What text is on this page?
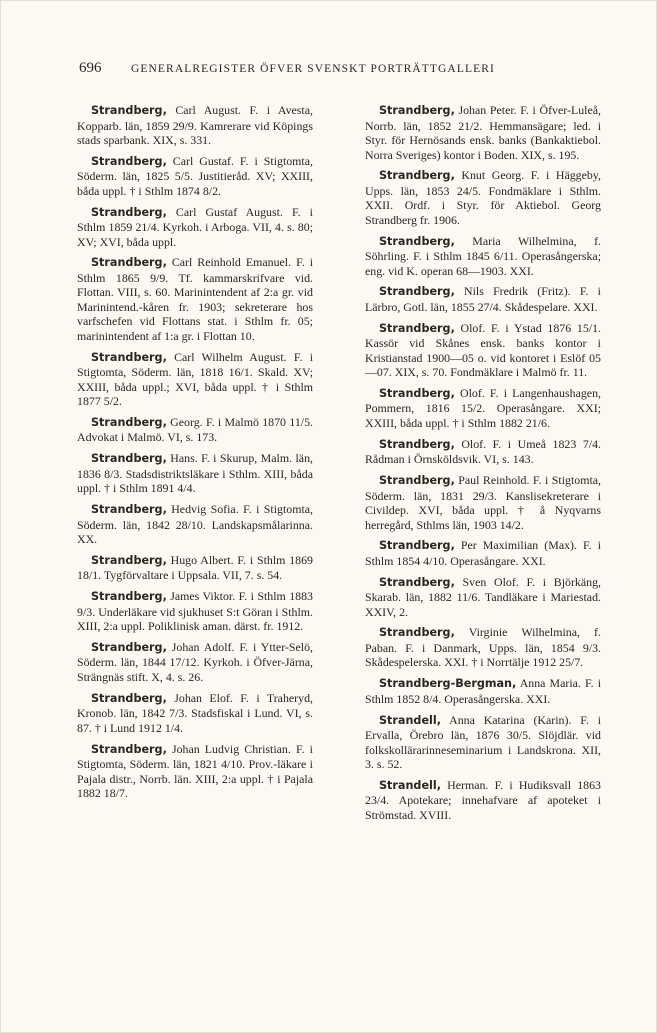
696	GENERALREGISTER ÖFVER SVENSKT PORTRÄTTGALLERI

Strandberg, Carl August. F. i Avesta, Kopparb. län, 1859 29/9. Kamrerare vid Köpings stads sparbank. XIX, s. 331.

Strandberg, Carl Gustaf. F. i Stigtomta, Söderm. län, 1825 5/5. Justitieråd. XV; XXIII, båda uppl. † i Sthlm 1874 8/2.

Strandberg, Carl Gustaf August. F. i Sthlm 1859 21/4. Kyrkoh. i Arboga. VII, 4. s. 80; XV; XVI, båda uppl.

Strandberg, Carl Reinhold Emanuel. F. i Sthlm 1865 9/9. Tf. kammarskrifvare vid. Flottan. VIII, s. 60. Marinintendent af 2:a gr. vid Marinintend.-kåren fr. 1903; sekreterare hos varfschefen vid Flottans stat. i Sthlm fr. 05; marinintendent af 1:a gr. i Flottan 10.

Strandberg, Carl Wilhelm August. F. i Stigtomta, Söderm. län, 1818 16/1. Skald. XV; XXIII, båda uppl.; XVI, båda uppl. † i Sthlm 1877 5/2.

Strandberg, Georg. F. i Malmö 1870 11/5. Advokat i Malmö. VI, s. 173.

Strandberg, Hans. F. i Skurup, Malm. län, 1836 8/3. Stadsdistriktsläkare i Sthlm. XIII, båda uppl. † i Sthlm 1891 4/4.

Strandberg, Hedvig Sofia. F. i Stigtomta, Söderm. län, 1842 28/10. Landskapsmålarinna. XX.

Strandberg, Hugo Albert. F. i Sthlm 1869 18/1. Tygförvaltare i Uppsala. VII, 7. s. 54.

Strandberg, James Viktor. F. i Sthlm 1883 9/3. Underläkare vid sjukhuset S:t Göran i Sthlm. XIII, 2:a uppl. Poliklinisk aman. därst. fr. 1912.

Strandberg, Johan Adolf. F. i Ytter-Selö, Söderm. län, 1844 17/12. Kyrkoh. i Öfver-Järna, Strängnäs stift. X, 4. s. 26.

Strandberg, Johan Elof. F. i Traheryd, Kronob. län, 1842 7/3. Stadsfiskal i Lund. VI, s. 87. † i Lund 1912 1/4.

Strandberg, Johan Ludvig Christian. F. i Stigtomta, Söderm. län, 1821 4/10. Prov.-läkare i Pajala distr., Norrb. län. XIII, 2:a uppl. † i Pajala 1882 18/7.

Strandberg, Johan Peter. F. i Öfver-Luleå, Norrb. län, 1852 21/2. Hemmansägare; led. i Styr. för Hernösands ensk. banks (Bankaktiebol. Norra Sveriges) kontor i Boden. XIX, s. 195.

Strandberg, Knut Georg. F. i Häggeby, Upps. län, 1853 24/5. Fondmäklare i Sthlm. XXII. Ordf. i Styr. för Aktiebol. Georg Strandberg fr. 1906.

Strandberg, Maria Wilhelmina, f. Söhrling. F. i Sthlm 1845 6/11. Operasångerska; eng. vid K. operan 68—1903. XXI.

Strandberg, Nils Fredrik (Fritz). F. i Lärbro, Gotl. län, 1855 27/4. Skådespelare. XXI.

Strandberg, Olof. F. i Ystad 1876 15/1. Kassör vid Skånes ensk. banks kontor i Kristianstad 1900—05 o. vid kontoret i Eslöf 05—07. XIX, s. 70. Fondmäklare i Malmö fr. 11.

Strandberg, Olof. F. i Langenhaushagen, Pommern, 1816 15/2. Operasångare. XXI; XXIII, båda uppl. † i Sthlm 1882 21/6.

Strandberg, Olof. F. i Umeå 1823 7/4. Rådman i Örnsköldsvik. VI, s. 143.

Strandberg, Paul Reinhold. F. i Stigtomta, Söderm. län, 1831 29/3. Kanslisekreterare i Civildep. XVI, båda uppl. † å Nyqvarns herregård, Sthlms län, 1903 14/2.

Strandberg, Per Maximilian (Max). F. i Sthlm 1854 4/10. Operasångare. XXI.

Strandberg, Sven Olof. F. i Björkäng, Skarab. län, 1882 11/6. Tandläkare i Mariestad. XXIV, 2.

Strandberg, Virginie Wilhelmina, f. Paban. F. i Danmark, Upps. län, 1854 9/3. Skådespelerska. XXI. † i Norrtälje 1912 25/7.

Strandberg-Bergman, Anna Maria. F. i Sthlm 1852 8/4. Operasångerska. XXI.

Strandell, Anna Katarina (Karin). F. i Ervalla, Örebro län, 1876 30/5. Slöjdlär. vid folkskollärarinneseminarium i Landskrona. XII, 3. s. 52.

Strandell, Herman. F. i Hudiksvall 1863 23/4. Apotekare; innehafvare af apoteket i Strömstad. XVIII.
